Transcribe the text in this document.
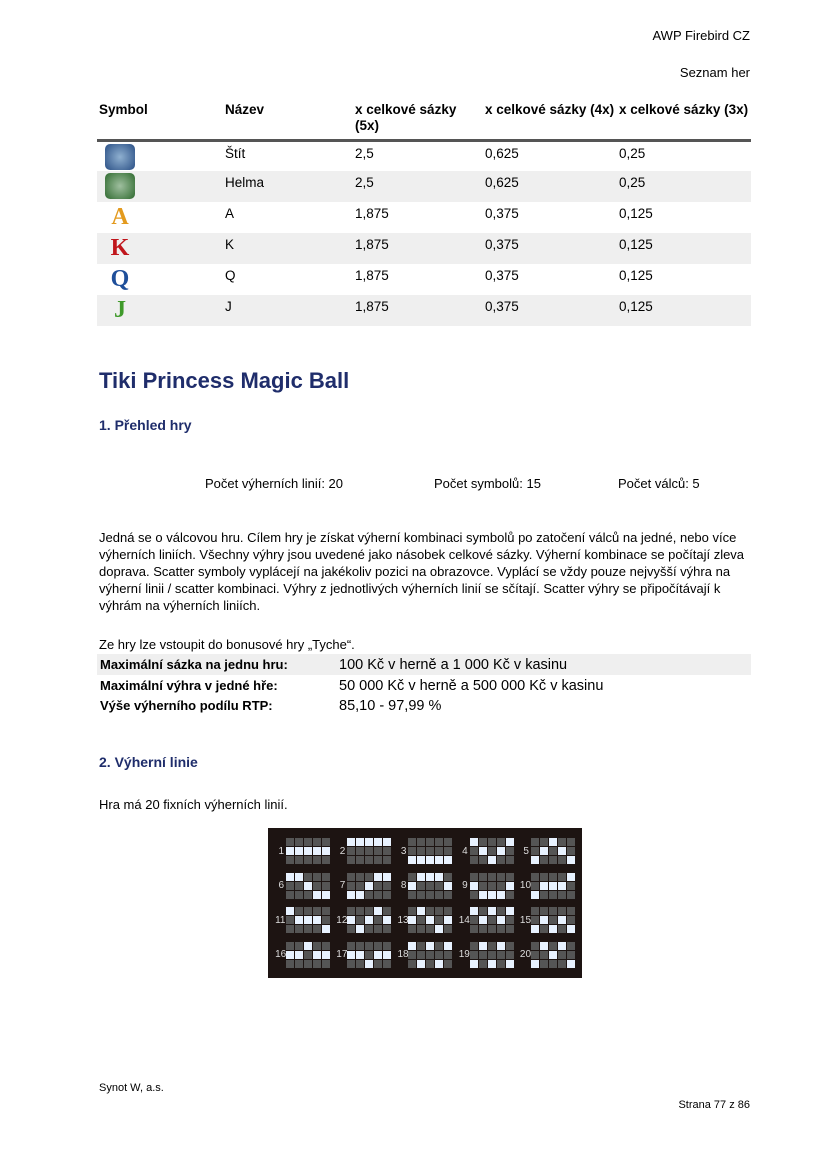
AWP Firebird CZ
Seznam her
Symbol	Název	x celkové sázky (5x)	x celkové sázky (4x)	x celkové sázky (3x)

	Štít	2,5	0,625	0,25

	Helma	2,5	0,625	0,25

A	A	1,875	0,375	0,125

K	K	1,875	0,375	0,125

Q	Q	1,875	0,375	0,125

J	J	1,875	0,375	0,125
Tiki Princess Magic Ball
1. Přehled hry
Počet výherních linií: 20	Počet symbolů: 15	Počet válců: 5

Jedná se o válcovou hru. Cílem hry je získat výherní kombinaci symbolů po zatočení válců na jedné, nebo více výherních liniích. Všechny výhry jsou uvedené jako násobek celkové sázky. Výherní kombinace se počítají zleva doprava. Scatter symboly vyplácejí na jakékoliv pozici na obrazovce. Vyplácí se vždy pouze nejvyšší výhra na výherní linii / scatter kombinaci. Výhry z jednotlivých výherních linií se sčítají. Scatter výhry se připočítávají k výhrám na výherních liniích.

Ze hry lze vstoupit do bonusové hry „Tyche“.

Maximální sázka na jednu hru:	100 Kč v herně a 1 000 Kč v kasinu
Maximální výhra v jedné hře:	50 000 Kč v herně a 500 000 Kč v kasinu
Výše výherního podílu RTP:	85,10 - 97,99 %
2. Výherní linie

Hra má 20 fixních výherních linií.

1	2	3	4	5
6	7	8	9	10
11	12	13	14	15
16	17	18	19	20
Synot W, a.s.
Strana 77 z 86
